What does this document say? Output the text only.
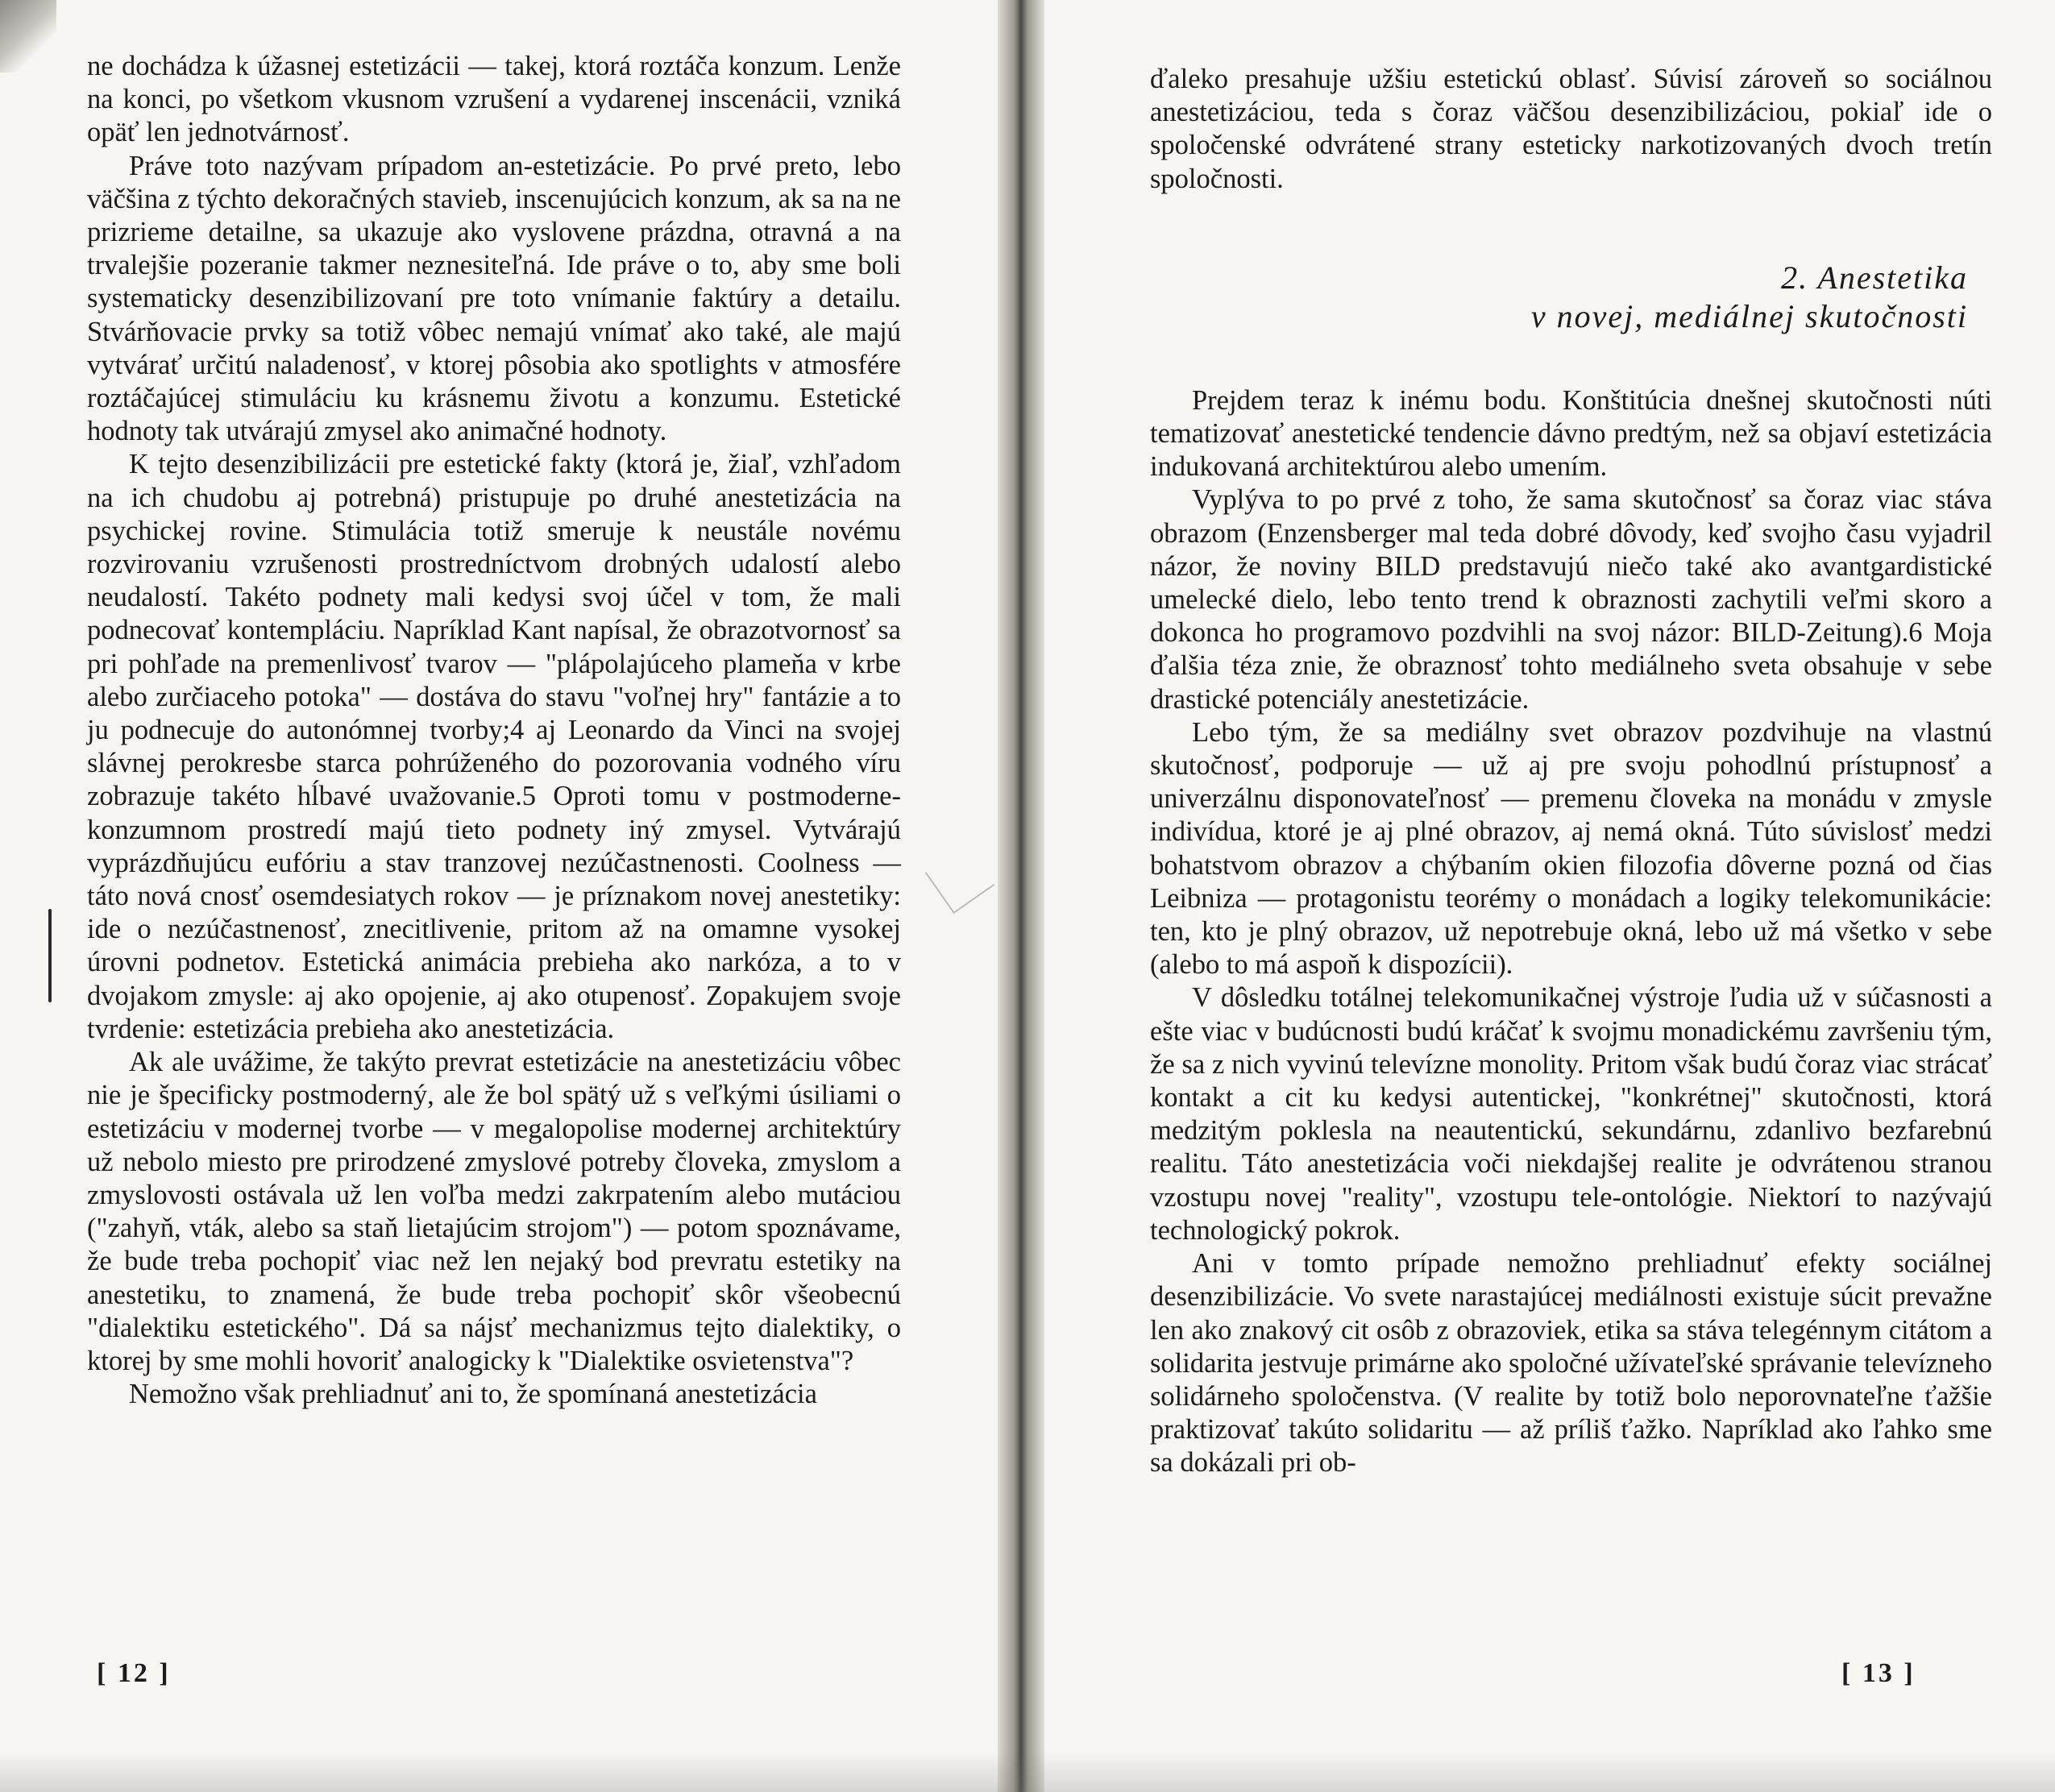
ne dochádza k úžasnej estetizácii — takej, ktorá roztáča konzum. Lenže na konci, po všetkom vkusnom vzrušení a vydarenej inscenácii, vzniká opäť len jednotvárnosť.

Práve toto nazývam prípadom an-estetizácie. Po prvé preto, lebo väčšina z týchto dekoračných stavieb, inscenujúcich konzum, ak sa na ne prizrieme detailne, sa ukazuje ako vyslovene prázdna, otravná a na trvalejšie pozeranie takmer neznesiteľná. Ide práve o to, aby sme boli systematicky desenzibilizovaní pre toto vnímanie faktúry a detailu. Stvárňovacie prvky sa totiž vôbec nemajú vnímať ako také, ale majú vytvárať určitú naladenosť, v ktorej pôsobia ako spotlights v atmosfére roztáčajúcej stimuláciu ku krásnemu životu a konzumu. Estetické hodnoty tak utvárajú zmysel ako animačné hodnoty.

K tejto desenzibilizácii pre estetické fakty (ktorá je, žiaľ, vzhľadom na ich chudobu aj potrebná) pristupuje po druhé anestetizácia na psychickej rovine. Stimulácia totiž smeruje k neustále novému rozvirovaniu vzrušenosti prostredníctvom drobných udalostí alebo neudalostí. Takéto podnety mali kedysi svoj účel v tom, že mali podnecovať kontempláciu. Napríklad Kant napísal, že obrazotvornosť sa pri pohľade na premenlivosť tvarov — "plápolajúceho plameňa v krbe alebo zurčiaceho potoka" — dostáva do stavu "voľnej hry" fantázie a to ju podnecuje do autonómnej tvorby;4 aj Leonardo da Vinci na svojej slávnej perokresbe starca pohrúženého do pozorovania vodného víru zobrazuje takéto hĺbavé uvažovanie.5 Oproti tomu v postmoderne-konzumnom prostredí majú tieto podnety iný zmysel. Vytvárajú vyprázdňujúcu eufóriu a stav tranzovej nezúčastnenosti. Coolness — táto nová cnosť osemdesiatych rokov — je príznakom novej anestetiky: ide o nezúčastnenosť, znecitlivenie, pritom až na omamne vysokej úrovni podnetov. Estetická animácia prebieha ako narkóza, a to v dvojakom zmysle: aj ako opojenie, aj ako otupenosť. Zopakujem svoje tvrdenie: estetizácia prebieha ako anestetizácia.

Ak ale uvážime, že takýto prevrat estetizácie na anestetizáciu vôbec nie je špecificky postmoderný, ale že bol spätý už s veľkými úsiliami o estetizáciu v modernej tvorbe — v megalopolise modernej architektúry už nebolo miesto pre prirodzené zmyslové potreby človeka, zmyslom a zmyslovosti ostávala už len voľba medzi zakrpatením alebo mutáciou ("zahyň, vták, alebo sa staň lietajúcim strojom") — potom spoznávame, že bude treba pochopiť viac než len nejaký bod prevratu estetiky na anestetiku, to znamená, že bude treba pochopiť skôr všeobecnú "dialektiku estetického". Dá sa nájsť mechanizmus tejto dialektiky, o ktorej by sme mohli hovoriť analogicky k "Dialektike osvietenstva"?

Nemožno však prehliadnuť ani to, že spomínaná anestetizácia

[ 12 ]

ďaleko presahuje užšiu estetickú oblasť. Súvisí zároveň so sociálnou anestetizáciou, teda s čoraz väčšou desenzibilizáciou, pokiaľ ide o spoločenské odvrátené strany esteticky narkotizovaných dvoch tretín spoločnosti.

2. Anestetika
v novej, mediálnej skutočnosti

Prejdem teraz k inému bodu. Konštitúcia dnešnej skutočnosti núti tematizovať anestetické tendencie dávno predtým, než sa objaví estetizácia indukovaná architektúrou alebo umením.

Vyplýva to po prvé z toho, že sama skutočnosť sa čoraz viac stáva obrazom (Enzensberger mal teda dobré dôvody, keď svojho času vyjadril názor, že noviny BILD predstavujú niečo také ako avantgardistické umelecké dielo, lebo tento trend k obraznosti zachytili veľmi skoro a dokonca ho programovo pozdvihli na svoj názor: BILD-Zeitung).6 Moja ďalšia téza znie, že obraznosť tohto mediálneho sveta obsahuje v sebe drastické potenciály anestetizácie.

Lebo tým, že sa mediálny svet obrazov pozdvihuje na vlastnú skutočnosť, podporuje — už aj pre svoju pohodlnú prístupnosť a univerzálnu disponovateľnosť — premenu človeka na monádu v zmysle indivídua, ktoré je aj plné obrazov, aj nemá okná. Túto súvislosť medzi bohatstvom obrazov a chýbaním okien filozofia dôverne pozná od čias Leibniza — protagonistu teorémy o monádach a logiky telekomunikácie: ten, kto je plný obrazov, už nepotrebuje okná, lebo už má všetko v sebe (alebo to má aspoň k dispozícii).

V dôsledku totálnej telekomunikačnej výstroje ľudia už v súčasnosti a ešte viac v budúcnosti budú kráčať k svojmu monadickému završeniu tým, že sa z nich vyvinú televízne monolity. Pritom však budú čoraz viac strácať kontakt a cit ku kedysi autentickej, "konkrétnej" skutočnosti, ktorá medzitým poklesla na neautentickú, sekundárnu, zdanlivo bezfarebnú realitu. Táto anestetizácia voči niekdajšej realite je odvrátenou stranou vzostupu novej "reality", vzostupu tele-ontológie. Niektorí to nazývajú technologický pokrok.

Ani v tomto prípade nemožno prehliadnuť efekty sociálnej desenzibilizácie. Vo svete narastajúcej mediálnosti existuje súcit prevažne len ako znakový cit osôb z obrazoviek, etika sa stáva telegénnym citátom a solidarita jestvuje primárne ako spoločné užívateľské správanie televízneho solidárneho spoločenstva. (V realite by totiž bolo neporovnateľne ťažšie praktizovať takúto solidaritu — až príliš ťažko. Napríklad ako ľahko sme sa dokázali pri ob-

[ 13 ]
